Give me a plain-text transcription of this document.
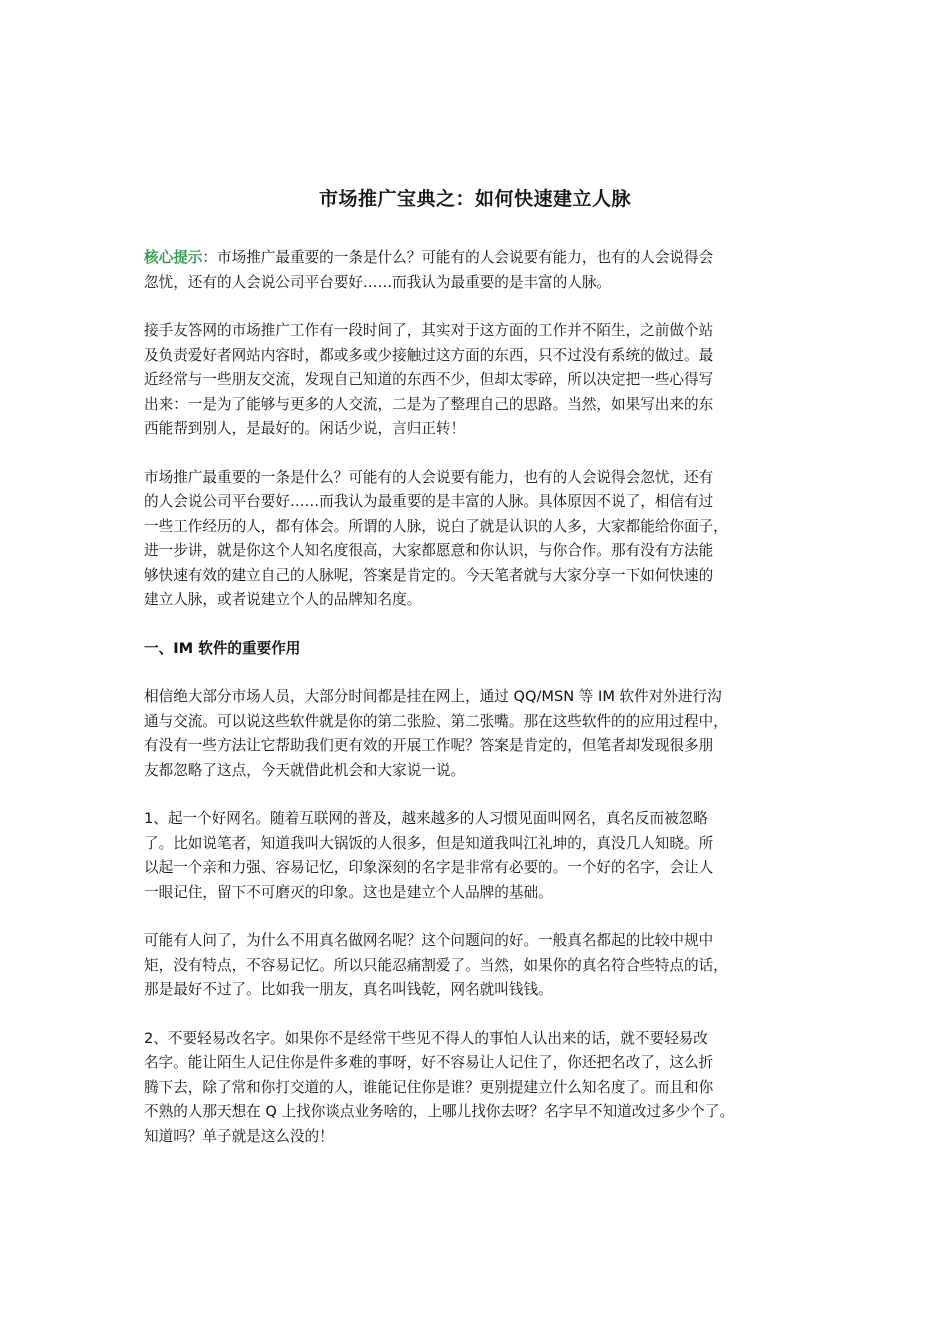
市场推广宝典之：如何快速建立人脉

核心提示：市场推广最重要的一条是什么？可能有的人会说要有能力，也有的人会说得会
忽忧，还有的人会说公司平台要好……而我认为最重要的是丰富的人脉。

接手友答网的市场推广工作有一段时间了，其实对于这方面的工作并不陌生，之前做个站
及负责爱好者网站内容时，都或多或少接触过这方面的东西，只不过没有系统的做过。最
近经常与一些朋友交流，发现自己知道的东西不少，但却太零碎，所以决定把一些心得写
出来：一是为了能够与更多的人交流，二是为了整理自己的思路。当然，如果写出来的东
西能帮到别人，是最好的。闲话少说，言归正转！

市场推广最重要的一条是什么？可能有的人会说要有能力，也有的人会说得会忽忧，还有
的人会说公司平台要好……而我认为最重要的是丰富的人脉。具体原因不说了，相信有过
一些工作经历的人，都有体会。所谓的人脉，说白了就是认识的人多，大家都能给你面子，
进一步讲，就是你这个人知名度很高，大家都愿意和你认识，与你合作。那有没有方法能
够快速有效的建立自己的人脉呢，答案是肯定的。今天笔者就与大家分享一下如何快速的
建立人脉，或者说建立个人的品牌知名度。

一、IM 软件的重要作用

相信绝大部分市场人员，大部分时间都是挂在网上，通过 QQ/MSN 等 IM 软件对外进行沟
通与交流。可以说这些软件就是你的第二张脸、第二张嘴。那在这些软件的的应用过程中，
有没有一些方法让它帮助我们更有效的开展工作呢？答案是肯定的，但笔者却发现很多朋
友都忽略了这点，今天就借此机会和大家说一说。

1、起一个好网名。随着互联网的普及，越来越多的人习惯见面叫网名，真名反而被忽略
了。比如说笔者，知道我叫大锅饭的人很多，但是知道我叫江礼坤的，真没几人知晓。所
以起一个亲和力强、容易记忆，印象深刻的名字是非常有必要的。一个好的名字，会让人
一眼记住，留下不可磨灭的印象。这也是建立个人品牌的基础。

可能有人问了，为什么不用真名做网名呢？这个问题问的好。一般真名都起的比较中规中
矩，没有特点，不容易记忆。所以只能忍痛割爱了。当然，如果你的真名符合些特点的话，
那是最好不过了。比如我一朋友，真名叫钱乾，网名就叫钱钱。

2、不要轻易改名字。如果你不是经常干些见不得人的事怕人认出来的话，就不要轻易改
名字。能让陌生人记住你是件多难的事呀，好不容易让人记住了，你还把名改了，这么折
腾下去，除了常和你打交道的人，谁能记住你是谁？更别提建立什么知名度了。而且和你
不熟的人那天想在 Q 上找你谈点业务啥的，上哪儿找你去呀？名字早不知道改过多少个了。
知道吗？单子就是这么没的！
